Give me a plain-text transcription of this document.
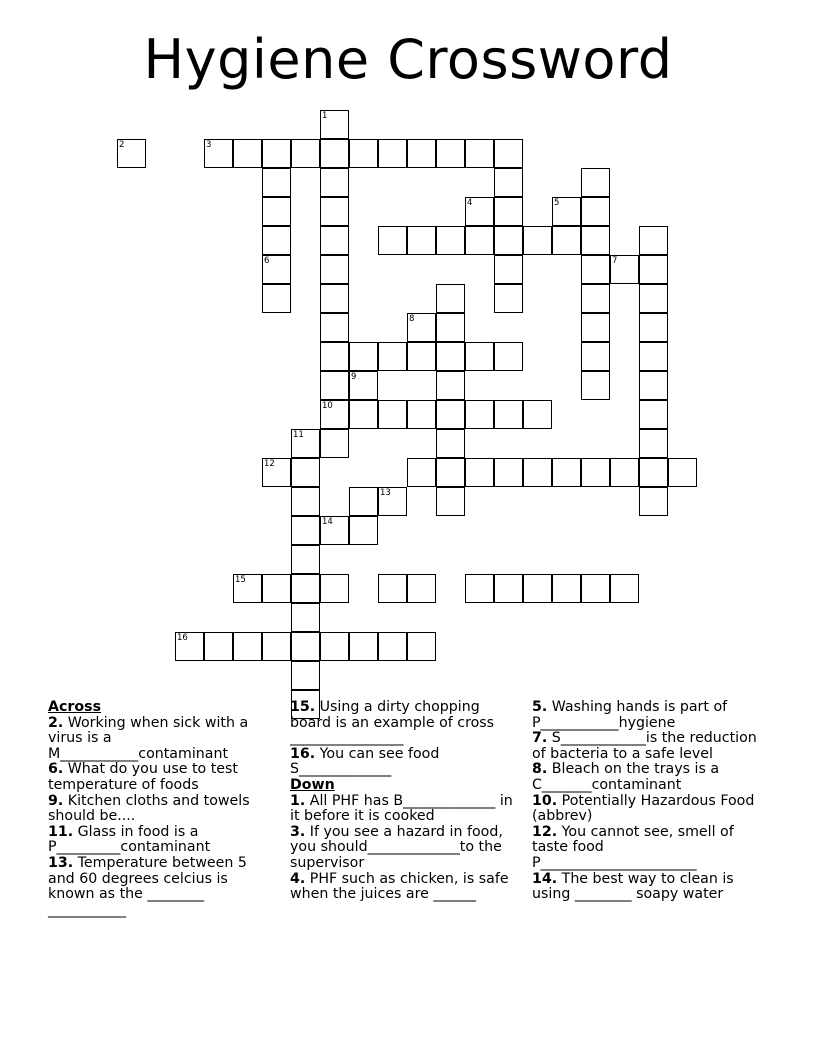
Hygiene Crossword
1
10
6
11
2	3
4	5
7
8
9
12
13
14
15
16
Across
2. Working when sick with a virus is a M___________contaminant
6. What do you use to test temperature of foods
9. Kitchen cloths and towels should be....
11. Glass in food is a P_________contaminant
13. Temperature between 5 and 60 degrees celcius is known as the ________ ___________
15. Using a dirty chopping board is an example of cross ________________
16. You can see food S_____________
Down
1. All PHF has B_____________ in it before it is cooked
3. If you see a hazard in food, you should_____________to the supervisor
4. PHF such as chicken, is safe when the juices are ______
5. Washing hands is part of P___________hygiene
7. S____________is the reduction of bacteria to a safe level
8. Bleach on the trays is a C_______contaminant
10. Potentially Hazardous Food (abbrev)
12. You cannot see, smell of taste food P______________________
14. The best way to clean is using ________ soapy water
